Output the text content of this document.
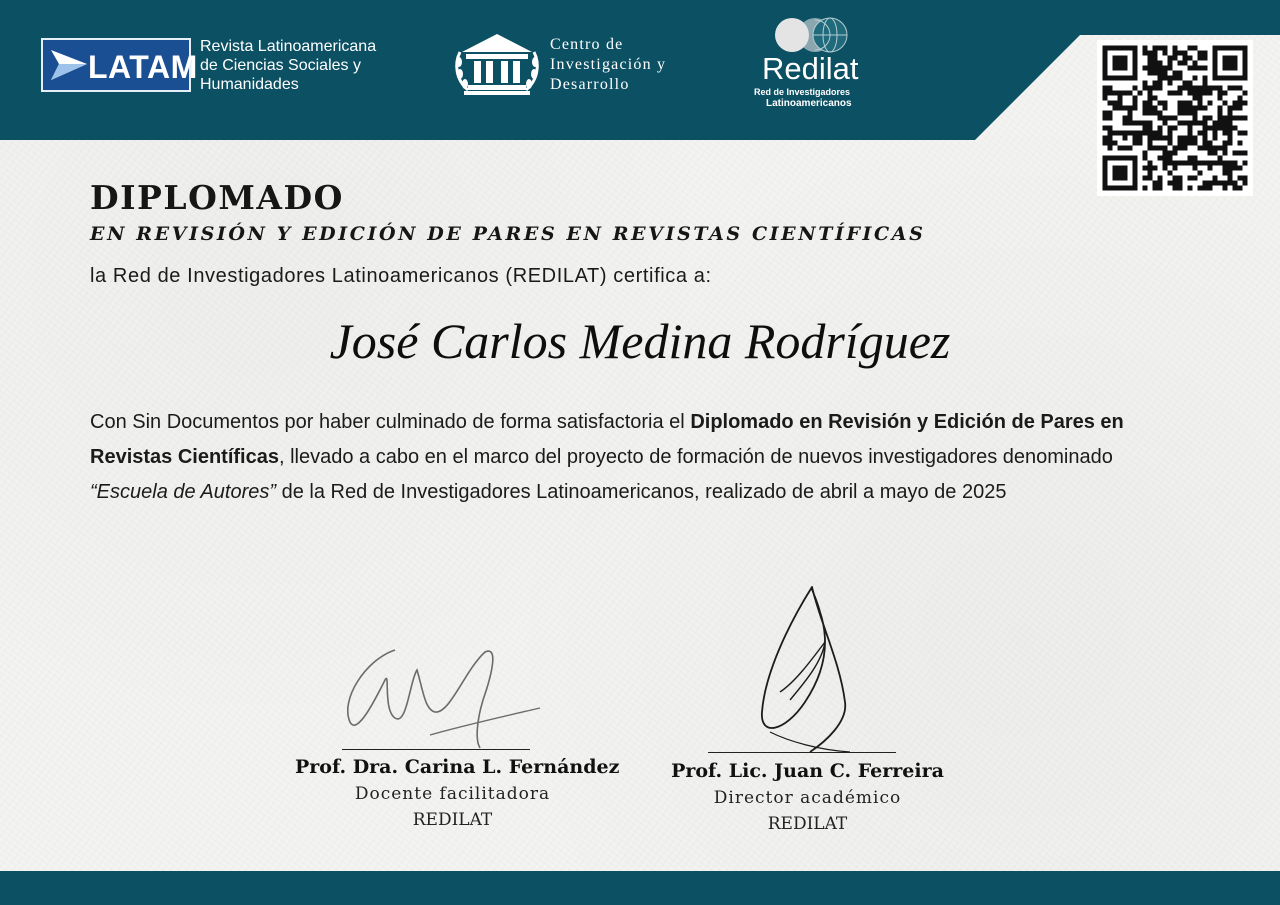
LATAM
Revista Latinoamericana
de Ciencias Sociales y
Humanidades
Centro de
Investigación y
Desarrollo	Redilat
Red de Investigadores
Latinoamericanos
DIPLOMADO
EN REVISIÓN Y EDICIÓN DE PARES EN REVISTAS CIENTÍFICAS
la Red de Investigadores Latinoamericanos (REDILAT) certifica a:
José Carlos Medina Rodríguez
Con Sin Documentos por haber culminado de forma satisfactoria el Diplomado en Revisión y Edición de Pares en Revistas Científicas, llevado a cabo en el marco del proyecto de formación de nuevos investigadores denominado “Escuela de Autores” de la Red de Investigadores Latinoamericanos, realizado de abril a mayo de 2025
Prof. Dra. Carina L. Fernández
Docente facilitadora
REDILAT
Prof. Lic. Juan C. Ferreira
Director académico
REDILAT
